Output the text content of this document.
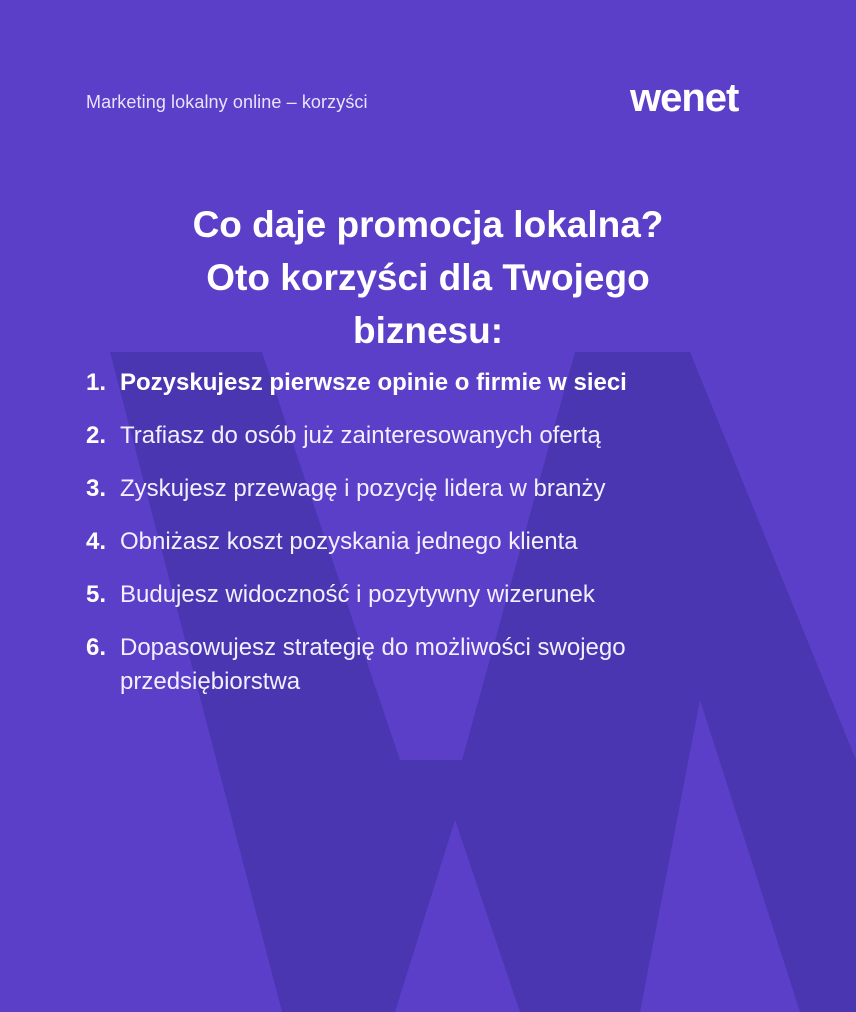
Marketing lokalny online – korzyści	wenet
Co daje promocja lokalna?
Oto korzyści dla Twojego
biznesu:
1. Pozyskujesz pierwsze opinie o firmie w sieci
2. Trafiasz do osób już zainteresowanych ofertą
3. Zyskujesz przewagę i pozycję lidera w branży
4. Obniżasz koszt pozyskania jednego klienta
5. Budujesz widoczność i pozytywny wizerunek
6. Dopasowujesz strategię do możliwości swojego przedsiębiorstwa
